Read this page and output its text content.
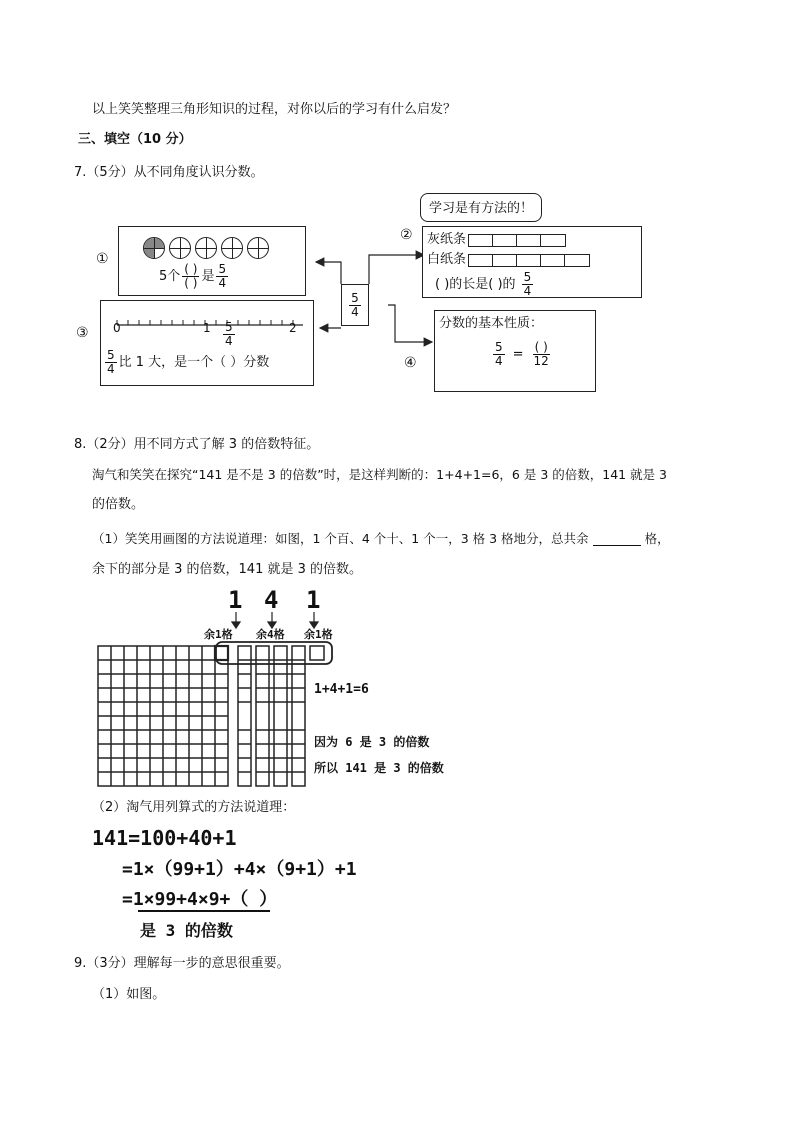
以上笑笑整理三角形知识的过程，对你以后的学习有什么启发？
三、填空（10 分）
7.（5分）从不同角度认识分数。
$\frac{5}{4}$
①
5个 $\frac{( )}{( )}$ 是 $\frac{5}{4}$
②
学习是有方法的！
灰纸条
白纸条
( )的长是( )的 $\frac{5}{4}$
③ 0	$1 \frac{5}{4}$	2
$\frac{5}{4}$ 比 1 大，是一个（ ）分数	④
分数的基本性质：
$\frac{5}{4} = \frac{( )}{12}$
8.（2分）用不同方式了解 3 的倍数特征。
淘气和笑笑在探究“141 是不是 3 的倍数”时，是这样判断的：1+4+1=6，6 是 3 的倍数，141 就是 3
的倍数。
（1）笑笑用画图的方法说道理：如图，1 个百、4 个十、1 个一，3 格 3 格地分，总共余	格，
余下的部分是 3 的倍数，141 就是 3 的倍数。
1 4 1
余1格 余4格 余1格
1+4+1=6
因为 6 是 3 的倍数
所以 141 是 3 的倍数
（2）淘气用列算式的方法说道理：
141=100+40+1
=1×（99+1）+4×（9+1）+1
=1×99+4×9+（ ）
是 3 的倍数
9.（3分）理解每一步的意思很重要。
（1）如图。
